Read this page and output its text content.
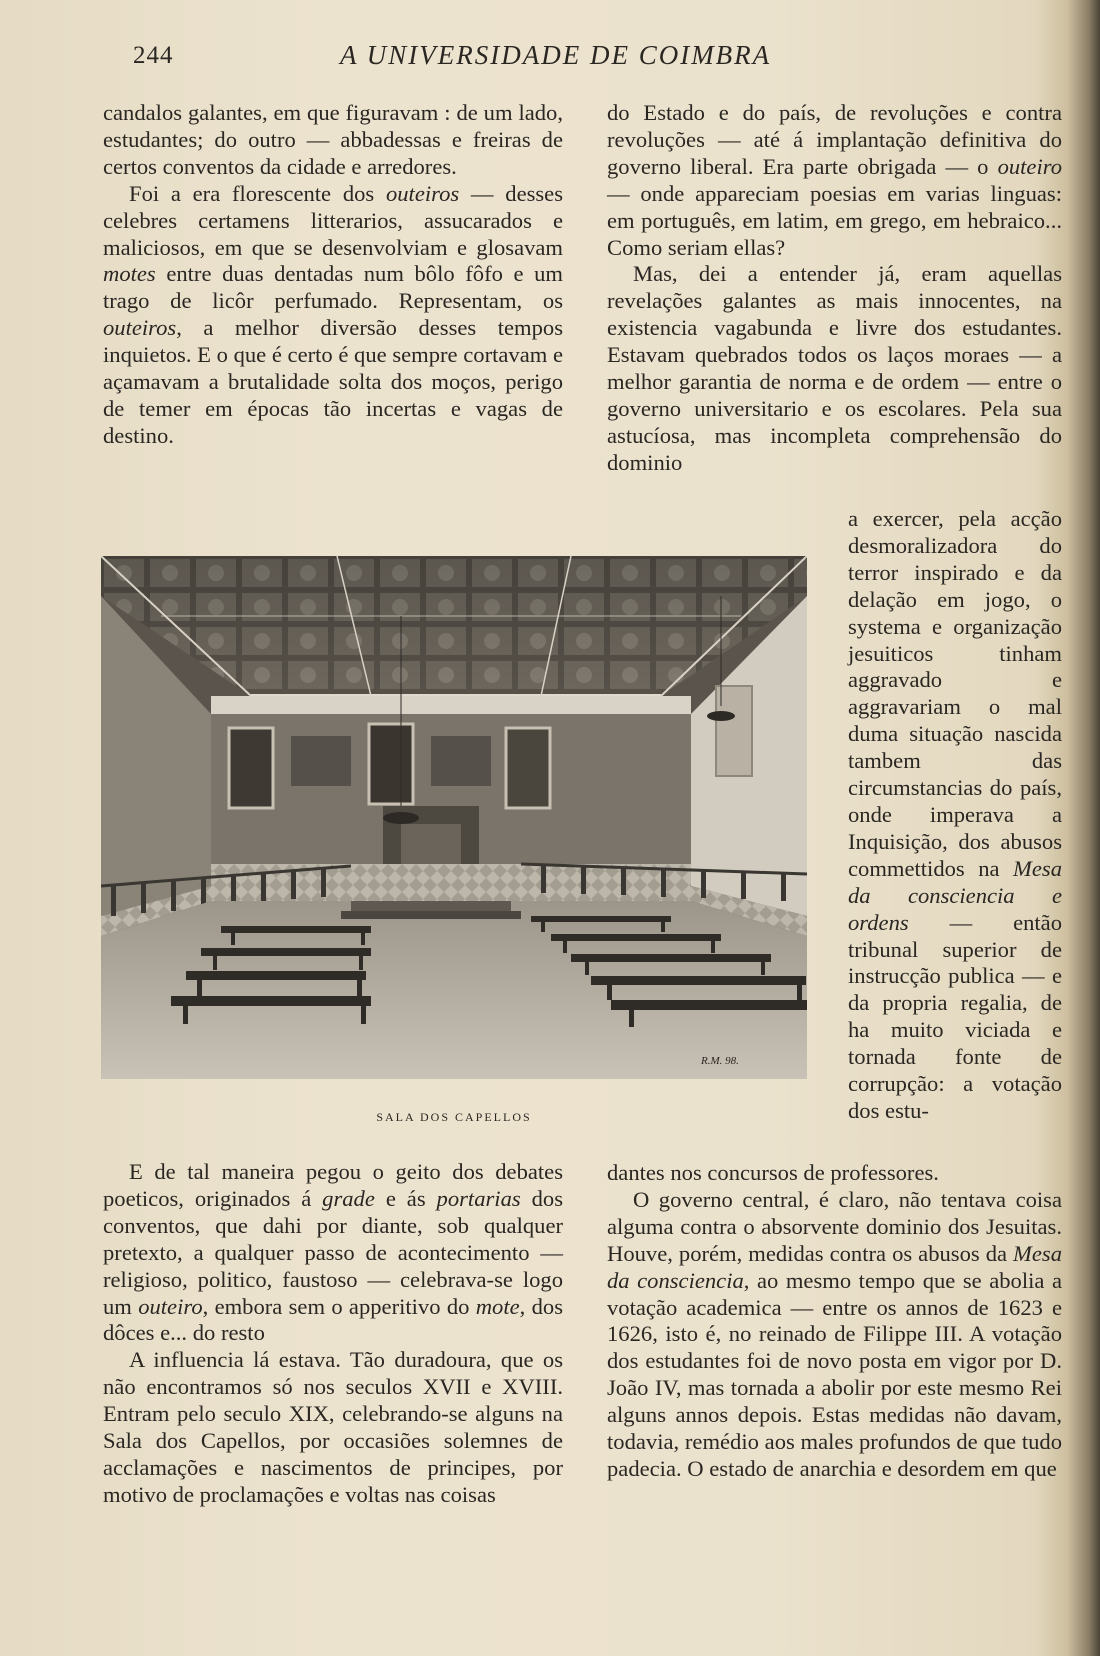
244	A UNIVERSIDADE DE COIMBRA

candalos galantes, em que figuravam : de um lado, estudantes; do outro — abbadessas e freiras de certos conventos da cidade e arredores.

Foi a era florescente dos outeiros — desses celebres certamens litterarios, assucarados e maliciosos, em que se desenvolviam e glosavam motes entre duas dentadas num bôlo fôfo e um trago de licôr perfumado. Representam, os outeiros, a melhor diversão desses tempos inquietos. E o que é certo é que sempre cortavam e açamavam a brutalidade solta dos moços, perigo de temer em épocas tão incertas e vagas de destino.

R.M. 98.
SALA DOS CAPELLOS

E de tal maneira pegou o geito dos debates poeticos, originados á grade e ás portarias dos conventos, que dahi por diante, sob qualquer pretexto, a qualquer passo de acontecimento — religioso, politico, faustoso — celebrava-se logo um outeiro, embora sem o apperitivo do mote, dos dôces e... do resto

A influencia lá estava. Tão duradoura, que os não encontramos só nos seculos XVII e XVIII. Entram pelo seculo XIX, celebrando-se alguns na Sala dos Capellos, por occasiões solemnes de acclamações e nascimentos de principes, por motivo de proclamações e voltas nas coisas

do Estado e do país, de revoluções e contra revoluções — até á implantação definitiva do governo liberal. Era parte obrigada — o outeiro — onde appareciam poesias em varias linguas: em português, em latim, em grego, em hebraico... Como seriam ellas?

Mas, dei a entender já, eram aquellas revelações galantes as mais innocentes, na existencia vagabunda e livre dos estudantes. Estavam quebrados todos os laços moraes — a melhor garantia de norma e de ordem — entre o governo universitario e os escolares. Pela sua astucíosa, mas incompleta comprehensão do dominio

a exercer, pela acção desmoralizadora do terror inspirado e da delação em jogo, o systema e organização jesuiticos tinham aggravado e aggravariam o mal duma situação nascida tambem das circumstancias do país, onde imperava a Inquisição, dos abusos commettidos na Mesa da consciencia e ordens — então tribunal superior de instrucção publica — e da propria regalia, de ha muito viciada e tornada fonte de corrupção: a votação dos estu-

dantes nos concursos de professores.

O governo central, é claro, não tentava coisa alguma contra o absorvente dominio dos Jesuitas. Houve, porém, medidas contra os abusos da Mesa da consciencia, ao mesmo tempo que se abolia a votação academica — entre os annos de 1623 e 1626, isto é, no reinado de Filippe III. A votação dos estudantes foi de novo posta em vigor por D. João IV, mas tornada a abolir por este mesmo Rei alguns annos depois. Estas medidas não davam, todavia, remédio aos males profundos de que tudo padecia. O estado de anarchia e desordem em que
